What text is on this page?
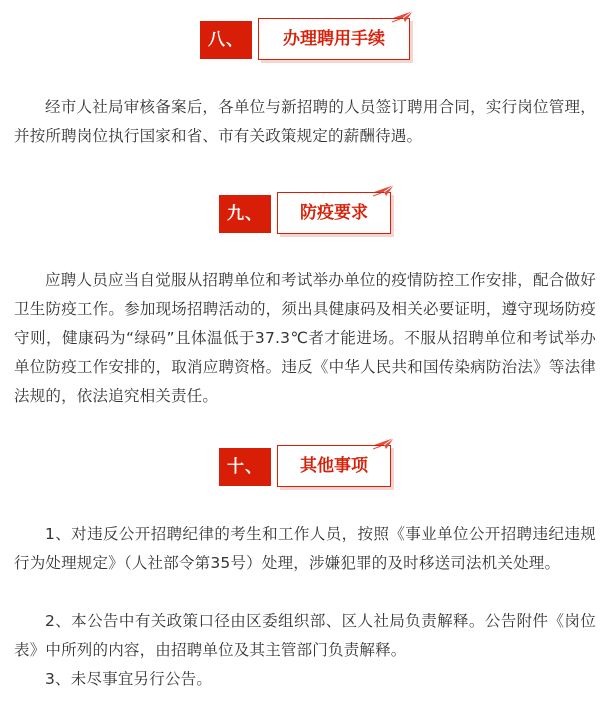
八、	办理聘用手续

经市人社局审核备案后，各单位与新招聘的人员签订聘用合同，实行岗位管理，并按所聘岗位执行国家和省、市有关政策规定的薪酬待遇。

九、	防疫要求

应聘人员应当自觉服从招聘单位和考试举办单位的疫情防控工作安排，配合做好卫生防疫工作。参加现场招聘活动的，须出具健康码及相关必要证明，遵守现场防疫守则，健康码为“绿码”且体温低于37.3℃者才能进场。不服从招聘单位和考试举办单位防疫工作安排的，取消应聘资格。违反《中华人民共和国传染病防治法》等法律法规的，依法追究相关责任。

十、	其他事项

1、对违反公开招聘纪律的考生和工作人员，按照《事业单位公开招聘违纪违规行为处理规定》（人社部令第35号）处理，涉嫌犯罪的及时移送司法机关处理。

2、本公告中有关政策口径由区委组织部、区人社局负责解释。公告附件《岗位表》中所列的内容，由招聘单位及其主管部门负责解释。

3、未尽事宜另行公告。
